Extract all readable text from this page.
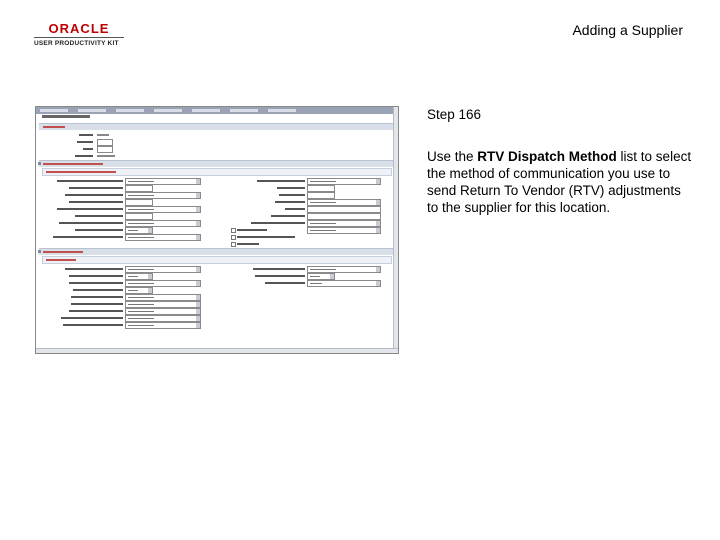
ORACLE
USER PRODUCTIVITY KIT
Adding a Supplier
Step 166
Use the RTV Dispatch Method list to select the method of communication you use to send Return To Vendor (RTV) adjustments to the supplier for this location.
